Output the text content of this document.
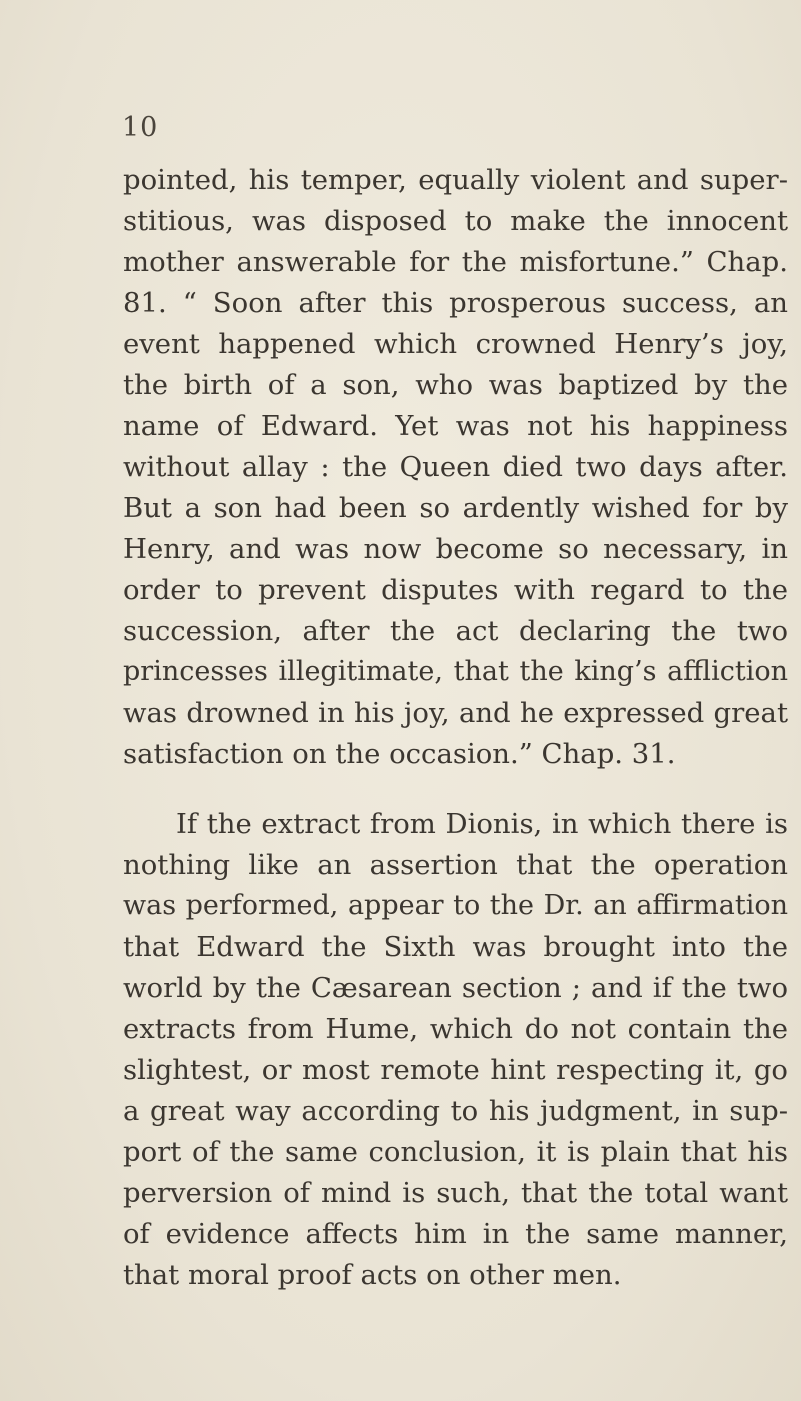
10
pointed, his temper, equally violent and super-
stitious, was disposed to make the innocent
mother answerable for the misfortune.” Chap.
81. “ Soon after this prosperous success, an
event happened which crowned Henry’s joy,
the birth of a son, who was baptized by the
name of Edward. Yet was not his happiness
without allay : the Queen died two days after.
But a son had been so ardently wished for by
Henry, and was now become so necessary, in
order to prevent disputes with regard to the
succession, after the act declaring the two
princesses illegitimate, that the king’s affliction
was drowned in his joy, and he expressed great
satisfaction on the occasion.” Chap. 31.
If the extract from Dionis, in which there is
nothing like an assertion that the operation
was performed, appear to the Dr. an affirmation
that Edward the Sixth was brought into the
world by the Cæsarean section ; and if the two
extracts from Hume, which do not contain the
slightest, or most remote hint respecting it, go
a great way according to his judgment, in sup-
port of the same conclusion, it is plain that his
perversion of mind is such, that the total want
of evidence affects him in the same manner,
that moral proof acts on other men.
